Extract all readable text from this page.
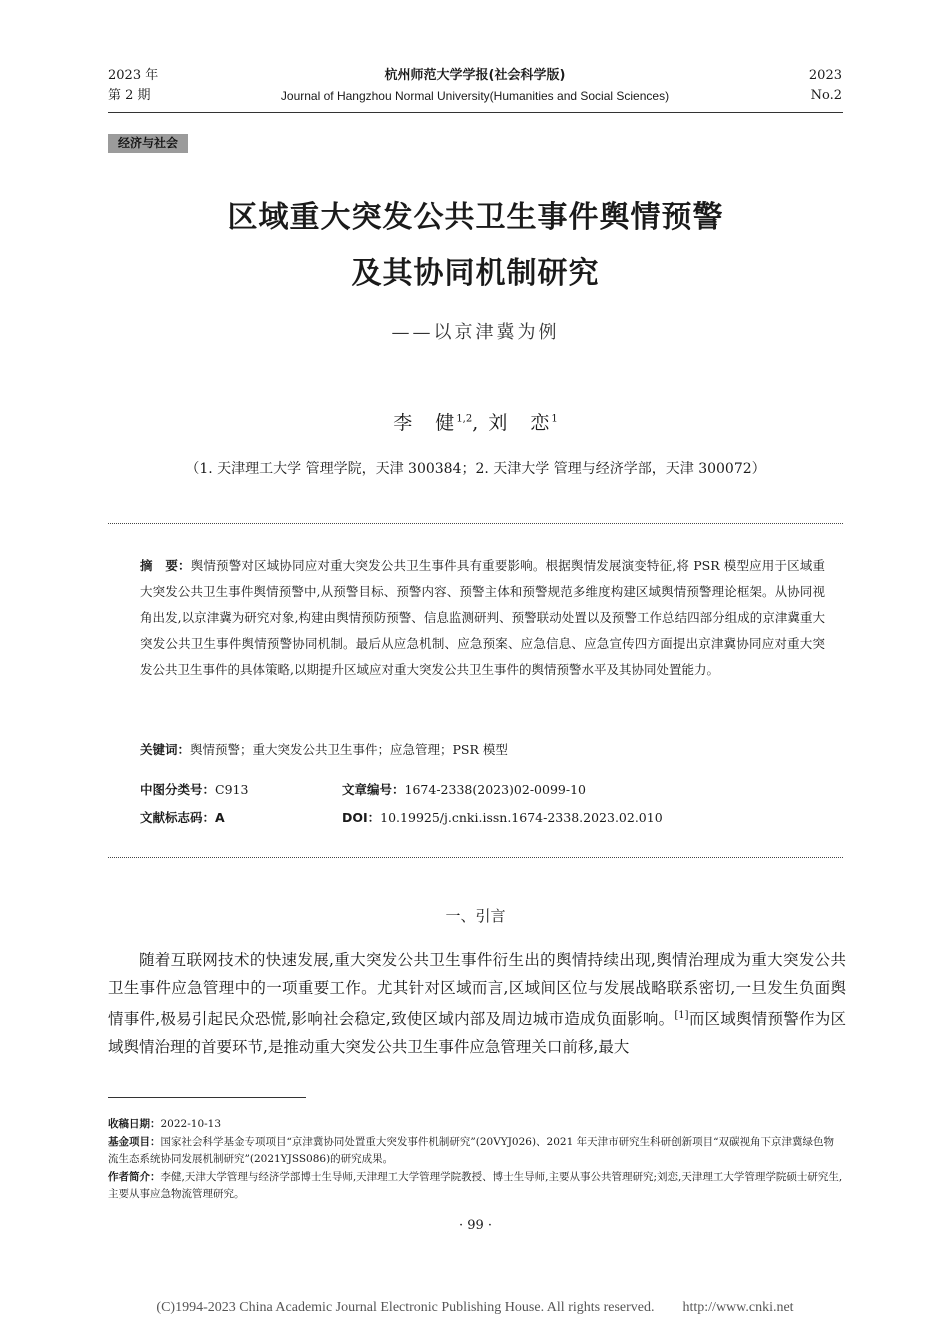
2023 年
第 2 期
杭州师范大学学报(社会科学版)
Journal of Hangzhou Normal University(Humanities and Social Sciences)
2023
No.2
经济与社会
区域重大突发公共卫生事件舆情预警
及其协同机制研究
——以京津冀为例
李　健$^{1,2}$, 刘　恋$^1$
（1. 天津理工大学 管理学院，天津 300384；2. 天津大学 管理与经济学部，天津 300072）
摘　要：舆情预警对区域协同应对重大突发公共卫生事件具有重要影响。根据舆情发展演变特征,将 PSR 模型应用于区域重大突发公共卫生事件舆情预警中,从预警目标、预警内容、预警主体和预警规范多维度构建区域舆情预警理论框架。从协同视角出发,以京津冀为研究对象,构建由舆情预防预警、信息监测研判、预警联动处置以及预警工作总结四部分组成的京津冀重大突发公共卫生事件舆情预警协同机制。最后从应急机制、应急预案、应急信息、应急宣传四方面提出京津冀协同应对重大突发公共卫生事件的具体策略,以期提升区域应对重大突发公共卫生事件的舆情预警水平及其协同处置能力。
关键词：舆情预警；重大突发公共卫生事件；应急管理；PSR 模型
中图分类号：C913	文章编号：1674-2338(2023)02-0099-10
文献标志码：A	DOI：10.19925/j.cnki.issn.1674-2338.2023.02.010
一、引言
随着互联网技术的快速发展,重大突发公共卫生事件衍生出的舆情持续出现,舆情治理成为重大突发公共卫生事件应急管理中的一项重要工作。尤其针对区域而言,区域间区位与发展战略联系密切,一旦发生负面舆情事件,极易引起民众恐慌,影响社会稳定,致使区域内部及周边城市造成负面影响。[1]而区域舆情预警作为区域舆情治理的首要环节,是推动重大突发公共卫生事件应急管理关口前移,最大

收稿日期：2022-10-13

基金项目：国家社会科学基金专项项目“京津冀协同处置重大突发事件机制研究”(20VYJ026)、2021 年天津市研究生科研创新项目“双碳视角下京津冀绿色物流生态系统协同发展机制研究”(2021YJSS086)的研究成果。

作者简介：李健,天津大学管理与经济学部博士生导师,天津理工大学管理学院教授、博士生导师,主要从事公共管理研究;刘恋,天津理工大学管理学院硕士研究生,主要从事应急物流管理研究。

· 99 ·
(C)1994-2023 China Academic Journal Electronic Publishing House. All rights reserved.　　http://www.cnki.net
